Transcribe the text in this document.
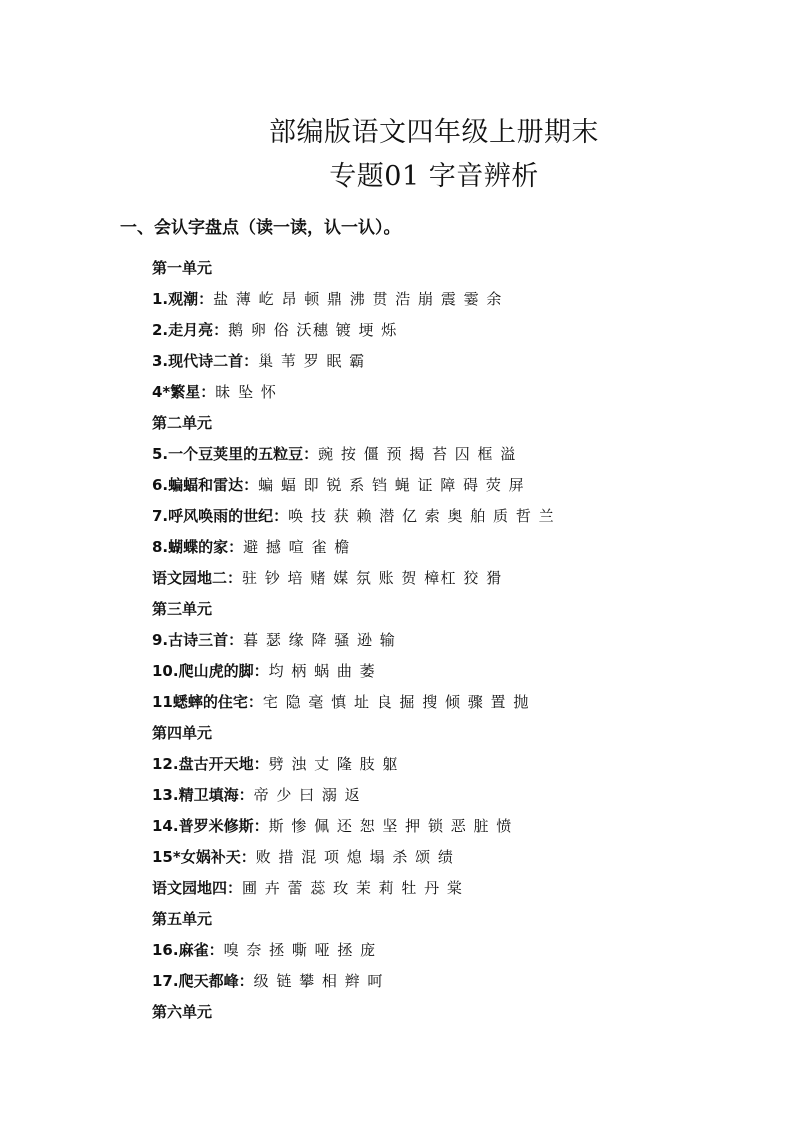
部编版语文四年级上册期末
专题01 字音辨析
一、会认字盘点（读一读，认一认）。
第一单元
1.观潮：盐 薄 屹 昂 顿 鼎 沸 贯 浩 崩 震 霎 余
2.走月亮：鹅 卵 俗 沃穗 镀 埂 烁
3.现代诗二首：巢 苇 罗 眠 霸
4*繁星：昧 坠 怀
第二单元
5.一个豆荚里的五粒豆：豌 按 僵 预 揭 苔 囚 框 溢
6.蝙蝠和雷达：蝙 蝠 即 锐 系 铛 蝇 证 障 碍 荧 屏
7.呼风唤雨的世纪：唤 技 获 赖 潜 亿 索 奥 舶 质 哲 兰
8.蝴蝶的家：避 撼 喧 雀 檐
语文园地二：驻 钞 培 赌 媒 氛 账 贺 樟杠 狡 猾
第三单元
9.古诗三首：暮 瑟 缘 降 骚 逊 输
10.爬山虎的脚：均 柄 蜗 曲 萎
11蟋蟀的住宅：宅 隐 毫 慎 址 良 掘 搜 倾 骤 置 抛
第四单元
12.盘古开天地：劈 浊 丈 隆 肢 躯
13.精卫填海：帝 少 曰 溺 返
14.普罗米修斯：斯 惨 佩 还 恕 坚 押 锁 恶 脏 愤
15*女娲补天：败 措 混 项 熄 塌 杀 颂 绩
语文园地四：圃 卉 蕾 蕊 玫 茉 莉 牡 丹 棠
第五单元
16.麻雀：嗅 奈 拯 嘶 哑 拯 庞
17.爬天都峰：级 链 攀 相 辫 呵
第六单元
